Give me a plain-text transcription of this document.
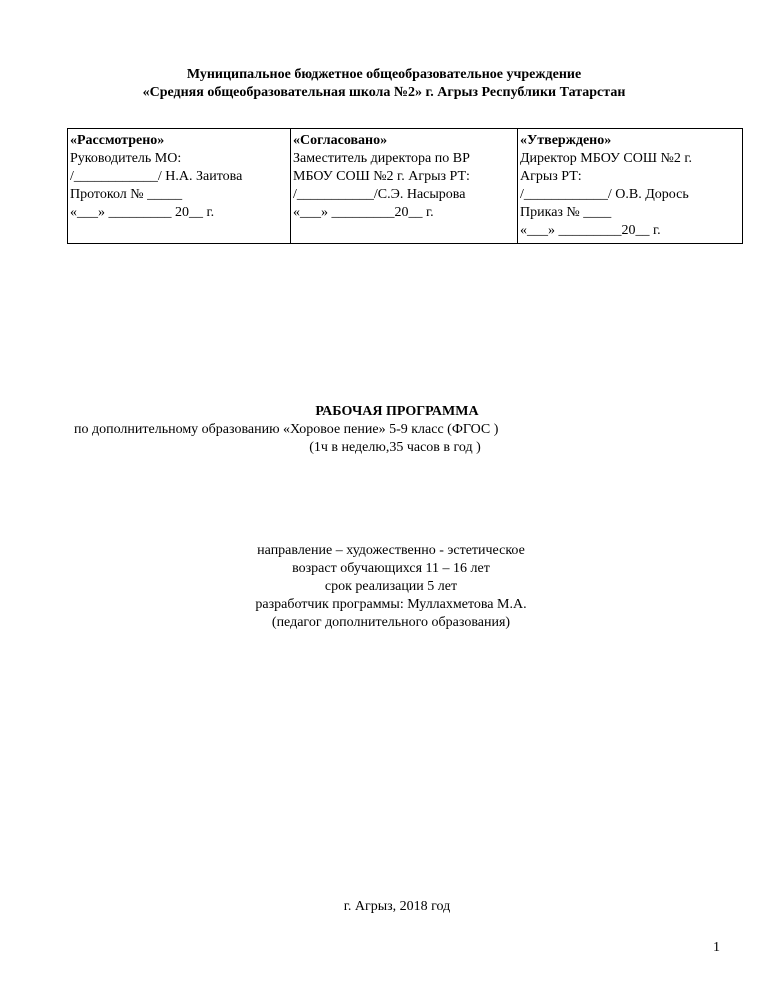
Муниципальное бюджетное общеобразовательное учреждение
«Средняя общеобразовательная школа №2» г. Агрыз Республики Татарстан
«Рассмотрено»
Руководитель МО:
/____________/ Н.А. Заитова
Протокол № _____
«___» _________ 20__ г.

«Согласовано»
Заместитель директора по ВР
МБОУ СОШ №2 г. Агрыз РТ:
/___________/С.Э. Насырова
«___» _________20__ г.

«Утверждено»
Директор МБОУ СОШ №2 г.
Агрыз РТ:
/____________/ О.В. Дорось
Приказ № ____
«___» _________20__ г.
РАБОЧАЯ ПРОГРАММА
по дополнительному образованию «Хоровое пение» 5-9 класс (ФГОС )
(1ч в неделю,35 часов в год )
направление – художественно - эстетическое
возраст обучающихся 11 – 16 лет
срок реализации 5 лет
разработчик программы: Муллахметова М.А.
(педагог дополнительного образования)
г. Агрыз, 2018 год
1
